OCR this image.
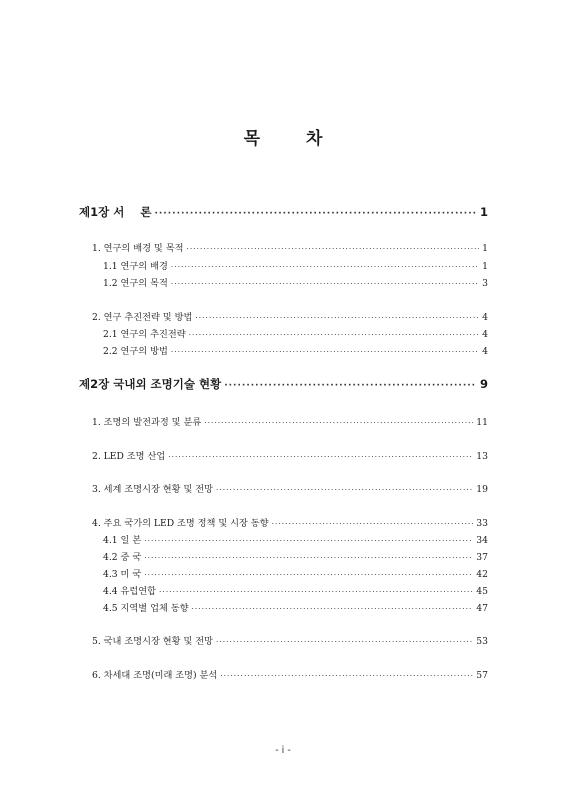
목	차
제1장 서    론 ·····	1
1. 연구의 배경 및 목적 ·····	1
1.1 연구의 배경 ·····	1
1.2 연구의 목적 ·····	3
2. 연구 추진전략 및 방법 ·····	4
2.1 연구의 추진전략 ·····	4
2.2 연구의 방법 ·····	4
제2장 국내외 조명기술 현황 ·····	9
1. 조명의 발전과정 및 분류 ·····	11
2. LED 조명 산업 ·····	13
3. 세계 조명시장 현황 및 전망 ·····	19
4. 주요 국가의 LED 조명 정책 및 시장 동향 ·····	33
4.1 일 본 ·····	34
4.2 중 국 ·····	37
4.3 미 국 ·····	42
4.4 유럽연합 ·····	45
4.5 지역별 업체 동향 ·····	47
5. 국내 조명시장 현황 및 전망 ·····	53
6. 차세대 조명(미래 조명) 분석 ·····	57
- i -
